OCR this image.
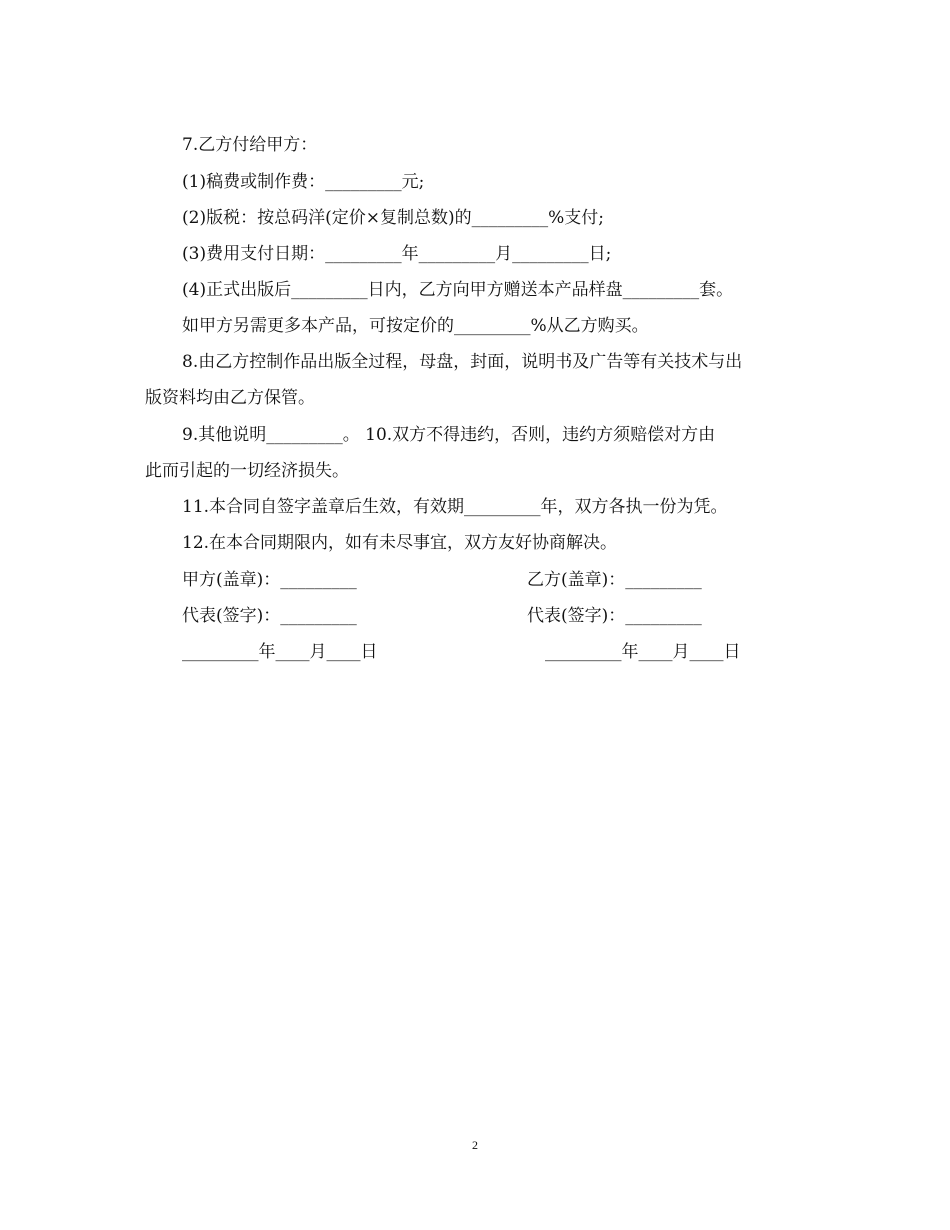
7.乙方付给甲方：
(1)稿费或制作费：_________元;
(2)版税：按总码洋(定价×复制总数)的_________%支付;
(3)费用支付日期：_________年_________月_________日;
(4)正式出版后_________日内，乙方向甲方赠送本产品样盘_________套。
如甲方另需更多本产品，可按定价的_________%从乙方购买。
8.由乙方控制作品出版全过程，母盘，封面，说明书及广告等有关技术与出
版资料均由乙方保管。
9.其他说明_________。 10.双方不得违约，否则，违约方须赔偿对方由
此而引起的一切经济损失。
11.本合同自签字盖章后生效，有效期_________年，双方各执一份为凭。
12.在本合同期限内，如有未尽事宜，双方友好协商解决。
甲方(盖章)：_________	乙方(盖章)：_________
代表(签字)：_________	代表(签字)：_________
_________年____月____日	_________年____月____日
2
